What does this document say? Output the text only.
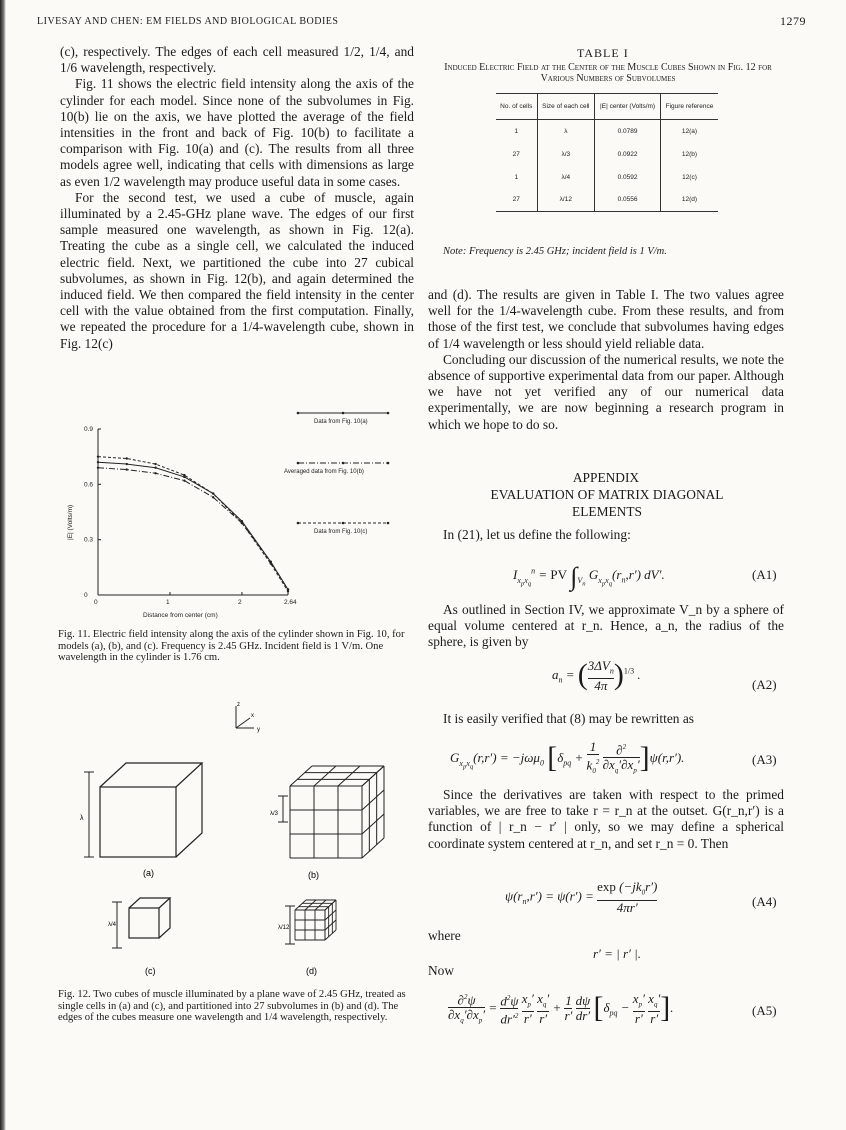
LIVESAY AND CHEN: EM FIELDS AND BIOLOGICAL BODIES	1279

(c), respectively. The edges of each cell measured 1/2, 1/4, and 1/6 wavelength, respectively.

Fig. 11 shows the electric field intensity along the axis of the cylinder for each model. Since none of the subvolumes in Fig. 10(b) lie on the axis, we have plotted the average of the field intensities in the front and back of Fig. 10(b) to facilitate a comparison with Fig. 10(a) and (c). The results from all three models agree well, indicating that cells with dimensions as large as even 1/2 wavelength may produce useful data in some cases.

For the second test, we used a cube of muscle, again illuminated by a 2.45-GHz plane wave. The edges of our first sample measured one wavelength, as shown in Fig. 12(a). Treating the cube as a single cell, we calculated the induced electric field. Next, we partitioned the cube into 27 cubical subvolumes, as shown in Fig. 12(b), and again determined the induced field. We then compared the field intensity in the center cell with the value obtained from the first computation. Finally, we repeated the procedure for a 1/4-wavelength cube, shown in Fig. 12(c)

0	1	2	2.64
0
0.3
0.6
0.9
Distance from center (cm)
|E| (Volts/m)
Data from Fig. 10(a)
Averaged data from Fig. 10(b)
Data from Fig. 10(c)
Fig. 11. Electric field intensity along the axis of the cylinder shown in Fig. 10, for models (a), (b), and (c). Frequency is 2.45 GHz. Incident field is 1 V/m. One wavelength in the cylinder is 1.76 cm.
z
x
y
λ
(a)
λ/3
(b)
λ/4
(c)
λ/12
(d)
Fig. 12. Two cubes of muscle illuminated by a plane wave of 2.45 GHz, treated as single cells in (a) and (c), and partitioned into 27 subvolumes in (b) and (d). The edges of the cubes measure one wavelength and 1/4 wavelength, respectively.
TABLE I
Induced Electric Field at the Center of the Muscle Cubes Shown in Fig. 12 for Various Numbers of Subvolumes
No. of cells	Size of each cell	|E| center (Volts/m)	Figure reference
1	λ	0.0789	12(a)
27	λ/3	0.0922	12(b)
1	λ/4	0.0592	12(c)
27	λ/12	0.0556	12(d)
Note: Frequency is 2.45 GHz; incident field is 1 V/m.

and (d). The results are given in Table I. The two values agree well for the 1/4-wavelength cube. From these results, and from those of the first test, we conclude that subvolumes having edges of 1/4 wavelength or less should yield reliable data.

Concluding our discussion of the numerical results, we note the absence of supportive experimental data from our paper. Although we have not yet verified any of our numerical data experimentally, we are now beginning a research program in which we hope to do so.

APPENDIX
EVALUATION OF MATRIX DIAGONAL ELEMENTS

In (21), let us define the following:

$I_{x_px_q}^n$ = PV $\int_{V_n}$ $G_{x_px_q}(r_n,r')$ dV′.	(A1)

As outlined in Section IV, we approximate V_n by a sphere of equal volume centered at r_n. Hence, a_n, the radius of the sphere, is given by

$a_n$ = ( $\frac{3\Delta V_n}{4\pi} )^{1/3}$ .
(A2)

It is easily verified that (8) may be rewritten as

$G_{x_px_q}(r,r') = -j\omega\mu_0$ [$\delta_{pq} + \frac{1}{k_0^2}$
$\frac{\partial^2}{\partial x_q'\partial x_p'} ]\psi(r,r')$.	(A3)

Since the derivatives are taken with respect to the primed variables, we are free to take r = r_n at the outset. G(r_n,r′) is a function of | r_n − r′ | only, so we may define a spherical coordinate system centered at r_n, and set r_n = 0. Then

$\psi(r_n,r') = \psi(r') = \frac{\exp (-jk_0r')}{4\pi r'}$	(A4)
where
r′ = | r′ |.
Now
$\frac{\partial^2\psi}{\partial x_q'\partial x_p'} = \frac{d^2\psi}{dr'^2}$
$\frac{x_p'}{r'}$
$\frac{x_q'}{r'} + \frac{1}{r'}$
$\frac{d\psi}{dr'} [\delta_{pq} - \frac{x_p'}{r'}$
$\frac{x_q'}{r'}$ ].	(A5)
